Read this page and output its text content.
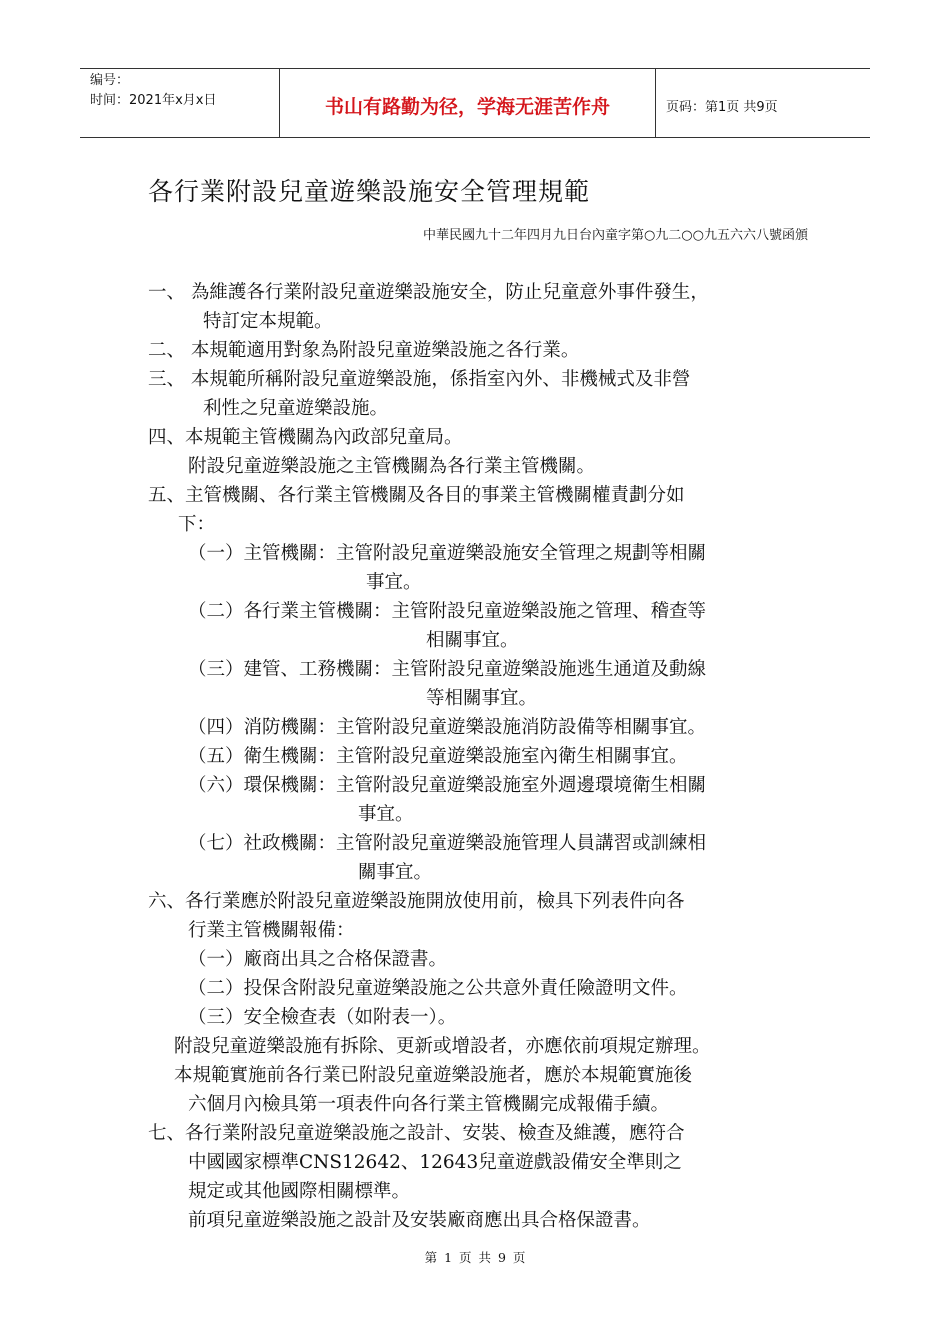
编号：
时间：2021年x月x日	书山有路勤为径，学海无涯苦作舟	页码：第1页 共9页
各行業附設兒童遊樂設施安全管理規範
中華民國九十二年四月九日台內童字第○九二○○九五六六八號函頒
一、 為維護各行業附設兒童遊樂設施安全，防止兒童意外事件發生，
特訂定本規範。
二、 本規範適用對象為附設兒童遊樂設施之各行業。
三、 本規範所稱附設兒童遊樂設施，係指室內外、非機械式及非營
利性之兒童遊樂設施。
四、本規範主管機關為內政部兒童局。
附設兒童遊樂設施之主管機關為各行業主管機關。
五、主管機關、各行業主管機關及各目的事業主管機關權責劃分如
下：
（一）主管機關：主管附設兒童遊樂設施安全管理之規劃等相關
事宜。
（二）各行業主管機關：主管附設兒童遊樂設施之管理、稽查等
相關事宜。
（三）建管、工務機關：主管附設兒童遊樂設施逃生通道及動線
等相關事宜。
（四）消防機關：主管附設兒童遊樂設施消防設備等相關事宜。
（五）衛生機關：主管附設兒童遊樂設施室內衛生相關事宜。
（六）環保機關：主管附設兒童遊樂設施室外週邊環境衛生相關
事宜。
（七）社政機關：主管附設兒童遊樂設施管理人員講習或訓練相
關事宜。
六、各行業應於附設兒童遊樂設施開放使用前，檢具下列表件向各
行業主管機關報備：
（一）廠商出具之合格保證書。
（二）投保含附設兒童遊樂設施之公共意外責任險證明文件。
（三）安全檢查表（如附表一）。
附設兒童遊樂設施有拆除、更新或增設者，亦應依前項規定辦理。
本規範實施前各行業已附設兒童遊樂設施者，應於本規範實施後
六個月內檢具第一項表件向各行業主管機關完成報備手續。
七、各行業附設兒童遊樂設施之設計、安裝、檢查及維護，應符合
中國國家標準CNS12642、12643兒童遊戲設備安全準則之
規定或其他國際相關標準。
前項兒童遊樂設施之設計及安裝廠商應出具合格保證書。
第 1 页 共 9 页
